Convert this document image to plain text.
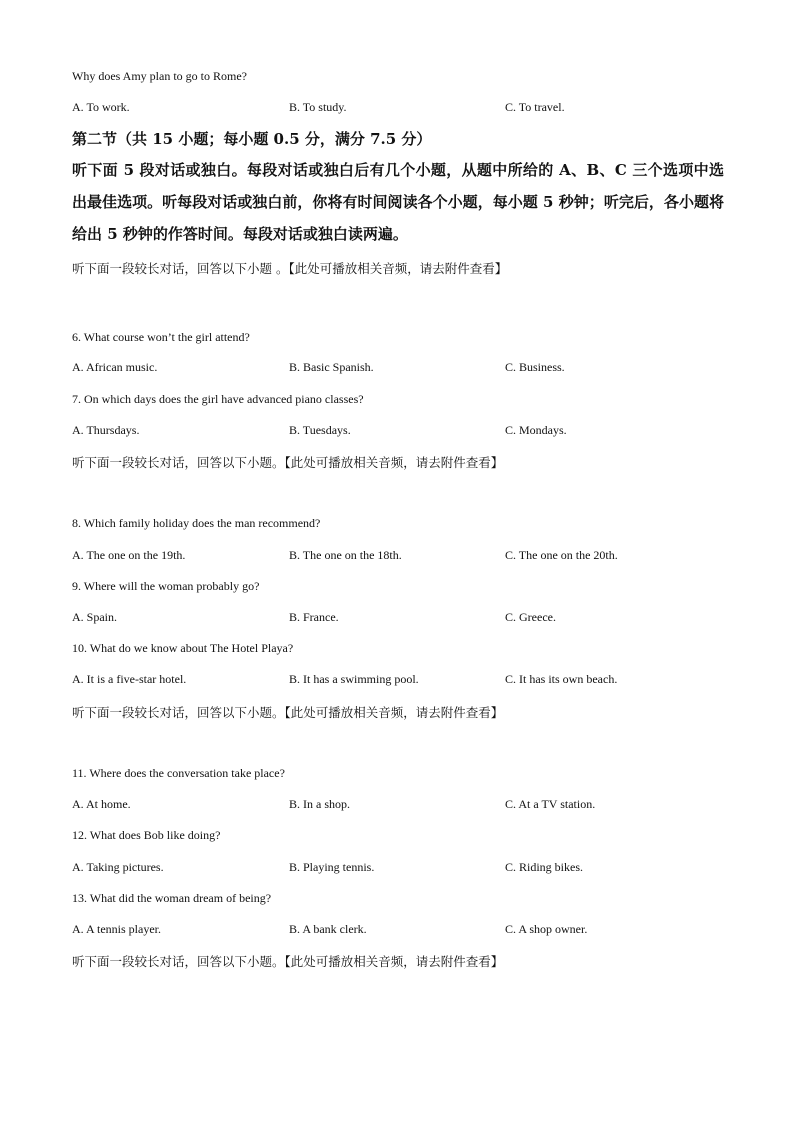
Why does Amy plan to go to Rome?
A. To work.	B. To study.	C. To travel.
第二节（共 15 小题；每小题 0.5 分，满分 7.5 分）
听下面 5 段对话或独白。每段对话或独白后有几个小题，从题中所给的 A、B、C 三个选项中选出最佳选项。听每段对话或独白前，你将有时间阅读各个小题，每小题 5 秒钟；听完后，各小题将给出 5 秒钟的作答时间。每段对话或独白读两遍。
听下面一段较长对话，回答以下小题 。【此处可播放相关音频，请去附件查看】
6. What course won’t the girl attend?
A. African music.	B. Basic Spanish.	C. Business.
7. On which days does the girl have advanced piano classes?
A. Thursdays.	B. Tuesdays.	C. Mondays.
听下面一段较长对话，回答以下小题。【此处可播放相关音频，请去附件查看】
8. Which family holiday does the man recommend?
A. The one on the 19th.	B. The one on the 18th.	C. The one on the 20th.
9. Where will the woman probably go?
A. Spain.	B. France.	C. Greece.
10. What do we know about The Hotel Playa?
A. It is a five-star hotel.	B. It has a swimming pool.	C. It has its own beach.
听下面一段较长对话，回答以下小题。【此处可播放相关音频，请去附件查看】
11. Where does the conversation take place?
A. At home.	B. In a shop.	C. At a TV station.
12. What does Bob like doing?
A. Taking pictures.	B. Playing tennis.	C. Riding bikes.
13. What did the woman dream of being?
A. A tennis player.	B. A bank clerk.	C. A shop owner.
听下面一段较长对话，回答以下小题。【此处可播放相关音频，请去附件查看】
